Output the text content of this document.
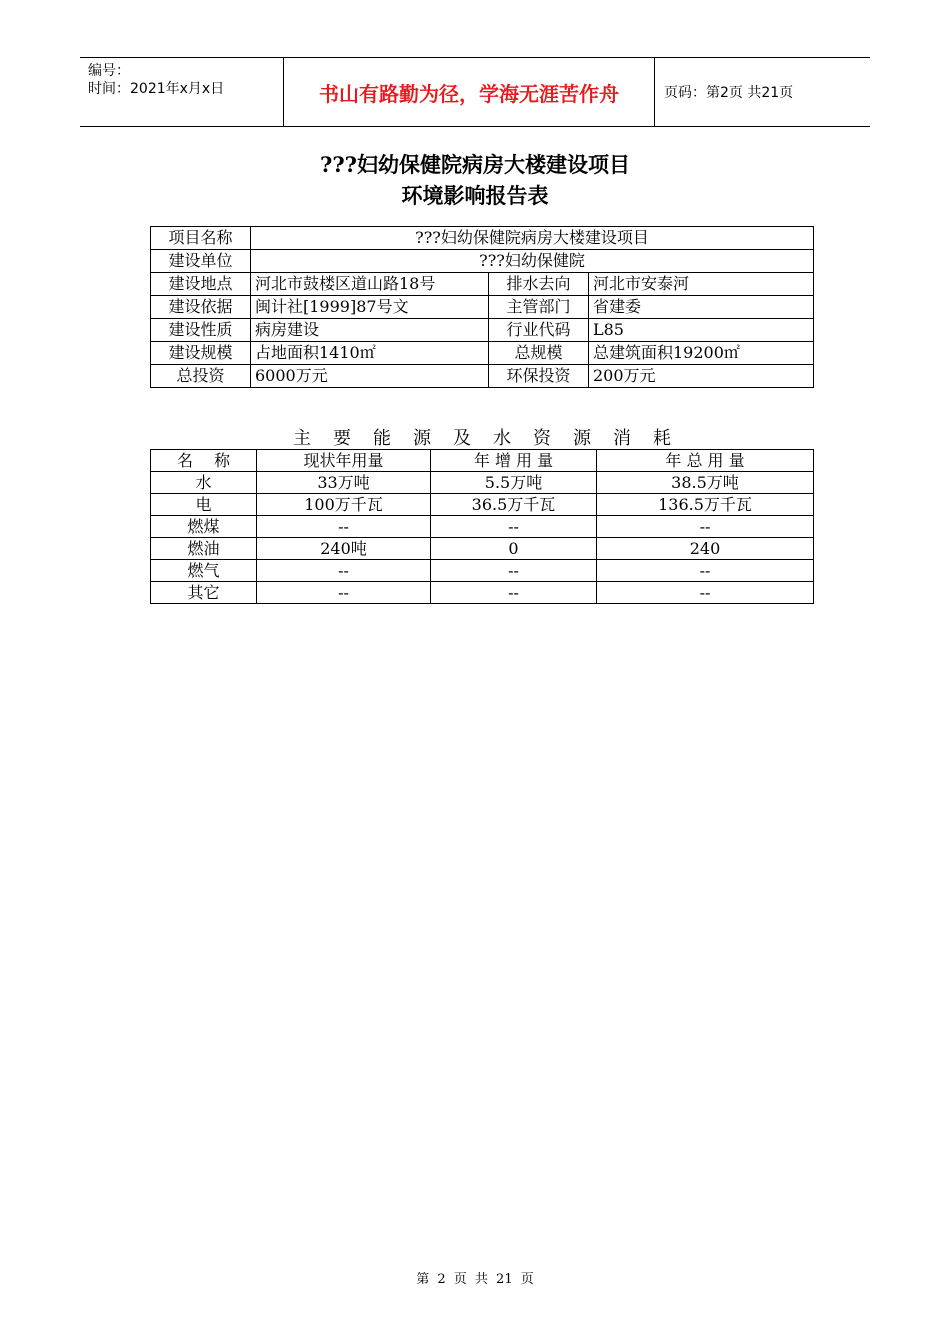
编号：
时间：2021年x月x日	书山有路勤为径，学海无涯苦作舟	页码：第2页 共21页
???妇幼保健院病房大楼建设项目
环境影响报告表
项目名称	???妇幼保健院病房大楼建设项目		
建设单位	???妇幼保健院		
建设地点	河北市鼓楼区道山路18号	排水去向	河北市安泰河
建设依据	闽计社[1999]87号文	主管部门	省建委
建设性质	病房建设	行业代码	L85
建设规模	占地面积1410㎡	总规模	总建筑面积19200㎡
总投资	6000万元	环保投资	200万元
主要能源及水资源消耗
名　 称	现状年用量	年 增 用 量	年 总 用 量
水	33万吨	5.5万吨	38.5万吨
电	100万千瓦	36.5万千瓦	136.5万千瓦
燃煤	--	--	--
燃油	240吨	0	240
燃气	--	--	--
其它	--	--	--
第 2 页 共 21 页
